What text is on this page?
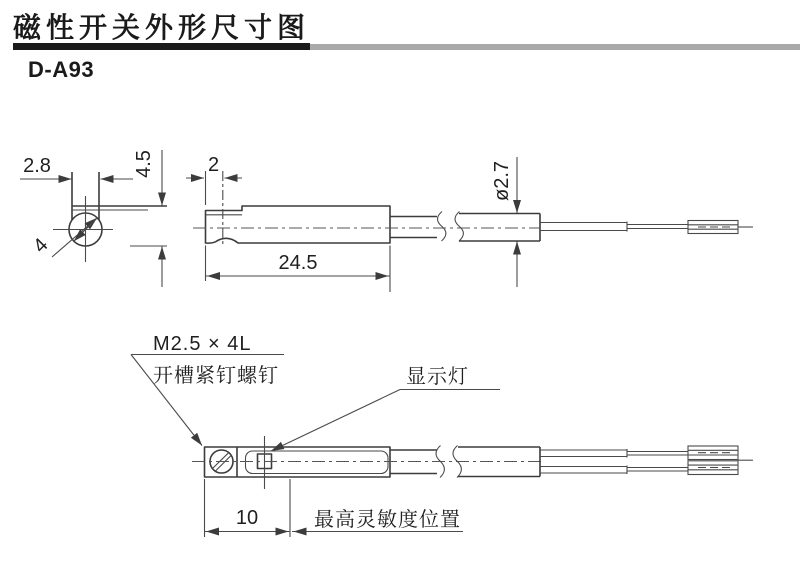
磁性开关外形尺寸图
D-A93
2.8
4
4.5	2
24.5
ø2.7
M2.5 × 4L
开槽紧钉螺钉	显示灯
10	最高灵敏度位置
